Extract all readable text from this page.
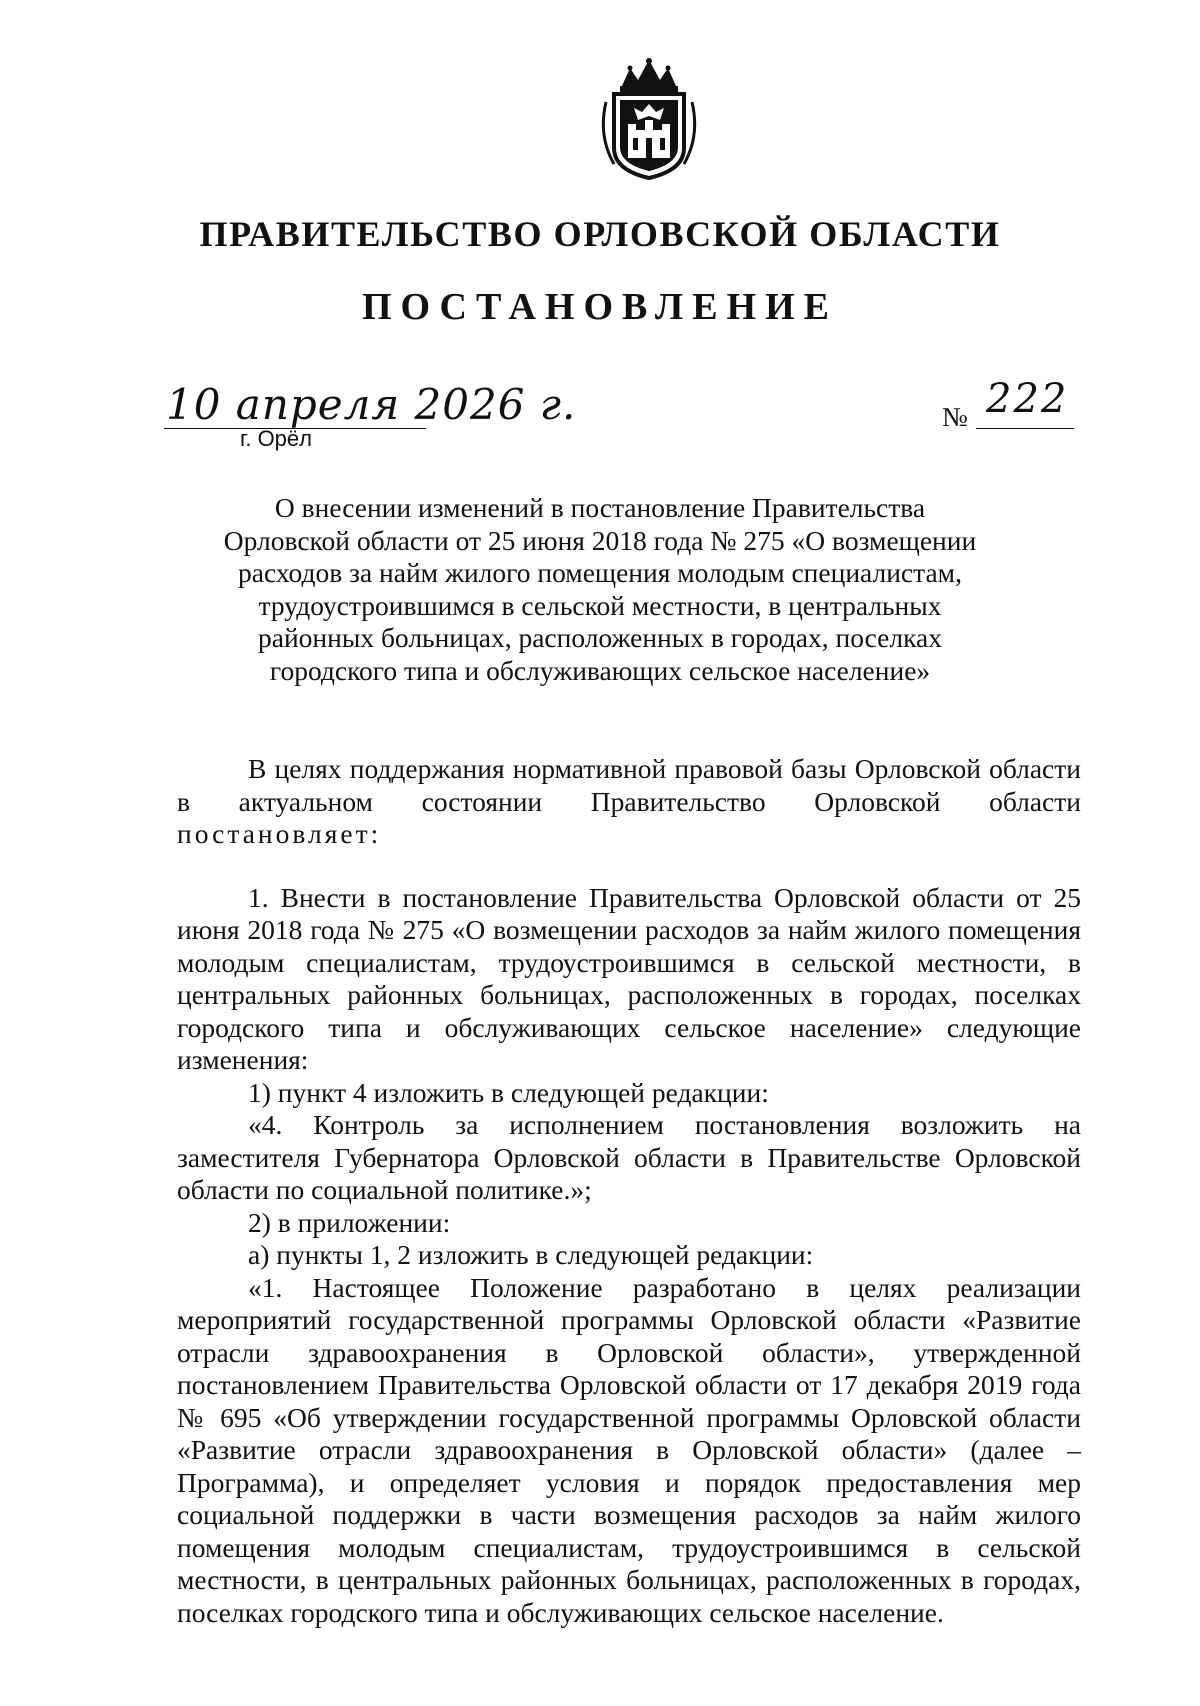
ПРАВИТЕЛЬСТВО ОРЛОВСКОЙ ОБЛАСТИ
ПОСТАНОВЛЕНИЕ
10 апреля 2026 г.
г. Орёл
№ 222
О внесении изменений в постановление Правительства
Орловской области от 25 июня 2018 года № 275 «О возмещении
расходов за найм жилого помещения молодым специалистам,
трудоустроившимся в сельской местности, в центральных
районных больницах, расположенных в городах, поселках
городского типа и обслуживающих сельское население»

В целях поддержания нормативной правовой базы Орловской области в актуальном состоянии Правительство Орловской области постановляет:

1. Внести в постановление Правительства Орловской области от 25 июня 2018 года № 275 «О возмещении расходов за найм жилого помещения молодым специалистам, трудоустроившимся в сельской местности, в центральных районных больницах, расположенных в городах, поселках городского типа и обслуживающих сельское население» следующие изменения:

1) пункт 4 изложить в следующей редакции:

«4. Контроль за исполнением постановления возложить на заместителя Губернатора Орловской области в Правительстве Орловской области по социальной политике.»;

2) в приложении:

а) пункты 1, 2 изложить в следующей редакции:

«1. Настоящее Положение разработано в целях реализации мероприятий государственной программы Орловской области «Развитие отрасли здравоохранения в Орловской области», утвержденной постановлением Правительства Орловской области от 17 декабря 2019 года № 695 «Об утверждении государственной программы Орловской области «Развитие отрасли здравоохранения в Орловской области» (далее – Программа), и определяет условия и порядок предоставления мер социальной поддержки в части возмещения расходов за найм жилого помещения молодым специалистам, трудоустроившимся в сельской местности, в центральных районных больницах, расположенных в городах, поселках городского типа и обслуживающих сельское население.
